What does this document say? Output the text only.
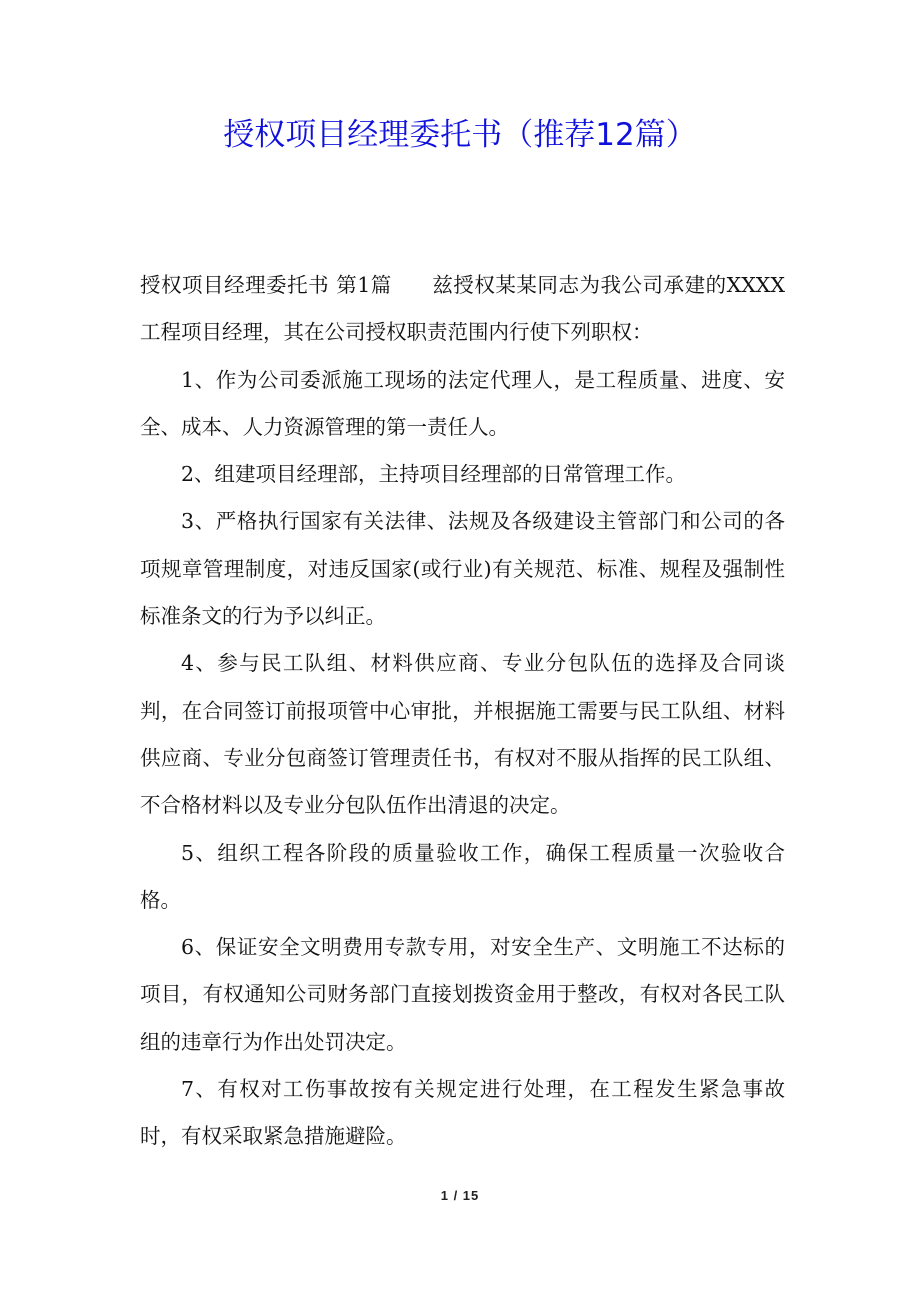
授权项目经理委托书（推荐12篇）

授权项目经理委托书 第1篇 兹授权某某同志为我公司承建的XXXX工程项目经理，其在公司授权职责范围内行使下列职权：

1、作为公司委派施工现场的法定代理人，是工程质量、进度、安全、成本、人力资源管理的第一责任人。

2、组建项目经理部，主持项目经理部的日常管理工作。

3、严格执行国家有关法律、法规及各级建设主管部门和公司的各项规章管理制度，对违反国家(或行业)有关规范、标准、规程及强制性标准条文的行为予以纠正。

4、参与民工队组、材料供应商、专业分包队伍的选择及合同谈判，在合同签订前报项管中心审批，并根据施工需要与民工队组、材料供应商、专业分包商签订管理责任书，有权对不服从指挥的民工队组、不合格材料以及专业分包队伍作出清退的决定。

5、组织工程各阶段的质量验收工作，确保工程质量一次验收合格。

6、保证安全文明费用专款专用，对安全生产、文明施工不达标的项目，有权通知公司财务部门直接划拨资金用于整改，有权对各民工队组的违章行为作出处罚决定。

7、有权对工伤事故按有关规定进行处理，在工程发生紧急事故时，有权采取紧急措施避险。

1 / 15
